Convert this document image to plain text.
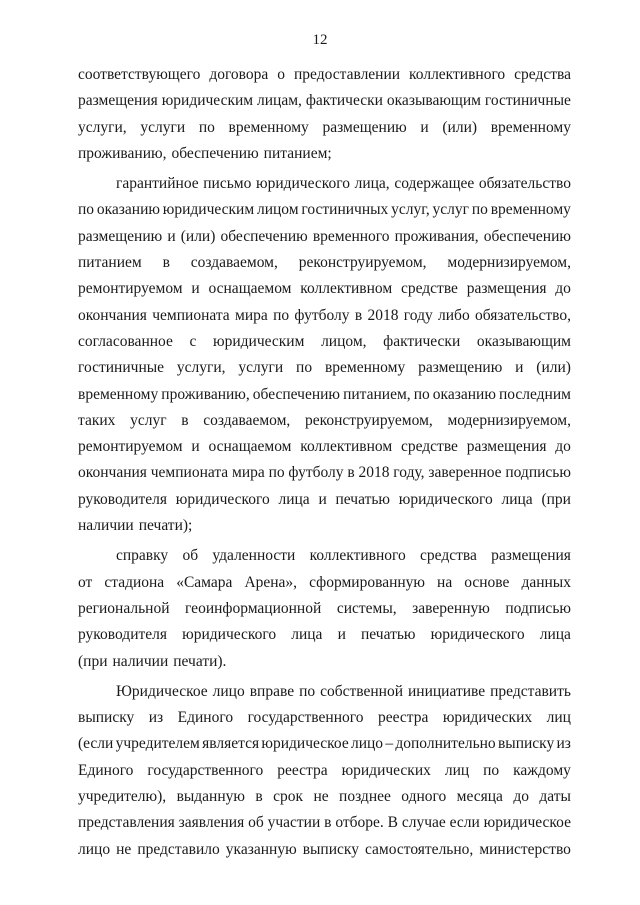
12
соответствующего договора о предоставлении коллективного средства
размещения юридическим лицам, фактически оказывающим гостиничные
услуги, услуги по временному размещению и (или) временному
проживанию, обеспечению питанием;
гарантийное письмо юридического лица, содержащее обязательство
по оказанию юридическим лицом гостиничных услуг, услуг по временному
размещению и (или) обеспечению временного проживания, обеспечению
питанием в создаваемом, реконструируемом, модернизируемом,
ремонтируемом и оснащаемом коллективном средстве размещения до
окончания чемпионата мира по футболу в 2018 году либо обязательство,
согласованное с юридическим лицом, фактически оказывающим
гостиничные услуги, услуги по временному размещению и (или)
временному проживанию, обеспечению питанием, по оказанию последним
таких услуг в создаваемом, реконструируемом, модернизируемом,
ремонтируемом и оснащаемом коллективном средстве размещения до
окончания чемпионата мира по футболу в 2018 году, заверенное подписью
руководителя юридического лица и печатью юридического лица (при
наличии печати);
справку об удаленности коллективного средства размещения
от стадиона «Самара Арена», сформированную на основе данных
региональной геоинформационной системы, заверенную подписью
руководителя юридического лица и печатью юридического лица
(при наличии печати).
Юридическое лицо вправе по собственной инициативе представить
выписку из Единого государственного реестра юридических лиц
(если учредителем является юридическое лицо – дополнительно выписку из
Единого государственного реестра юридических лиц по каждому
учредителю), выданную в срок не позднее одного месяца до даты
представления заявления об участии в отборе. В случае если юридическое
лицо не представило указанную выписку самостоятельно, министерство
